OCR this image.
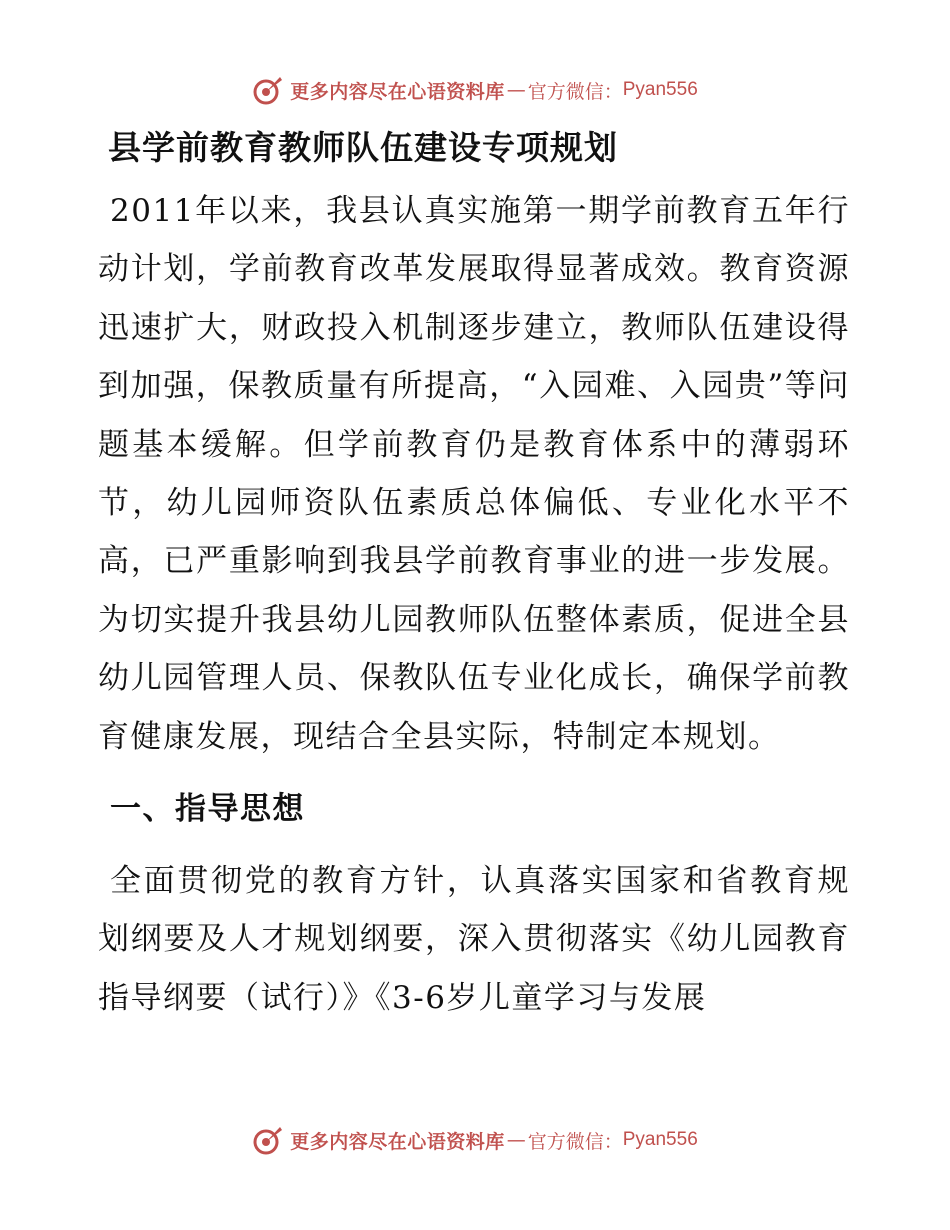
更多内容尽在心语资料库 — 官方微信： Pyan556
县学前教育教师队伍建设专项规划

2011年以来，我县认真实施第一期学前教育五年行动计划，学前教育改革发展取得显著成效。教育资源迅速扩大，财政投入机制逐步建立，教师队伍建设得到加强，保教质量有所提高，“入园难、入园贵”等问题基本缓解。但学前教育仍是教育体系中的薄弱环节，幼儿园师资队伍素质总体偏低、专业化水平不高，已严重影响到我县学前教育事业的进一步发展。为切实提升我县幼儿园教师队伍整体素质，促进全县幼儿园管理人员、保教队伍专业化成长，确保学前教育健康发展，现结合全县实际，特制定本规划。

一、指导思想

全面贯彻党的教育方针，认真落实国家和省教育规划纲要及人才规划纲要，深入贯彻落实《幼儿园教育指导纲要（试行）》《3-6岁儿童学习与发展

更多内容尽在心语资料库 — 官方微信： Pyan556
